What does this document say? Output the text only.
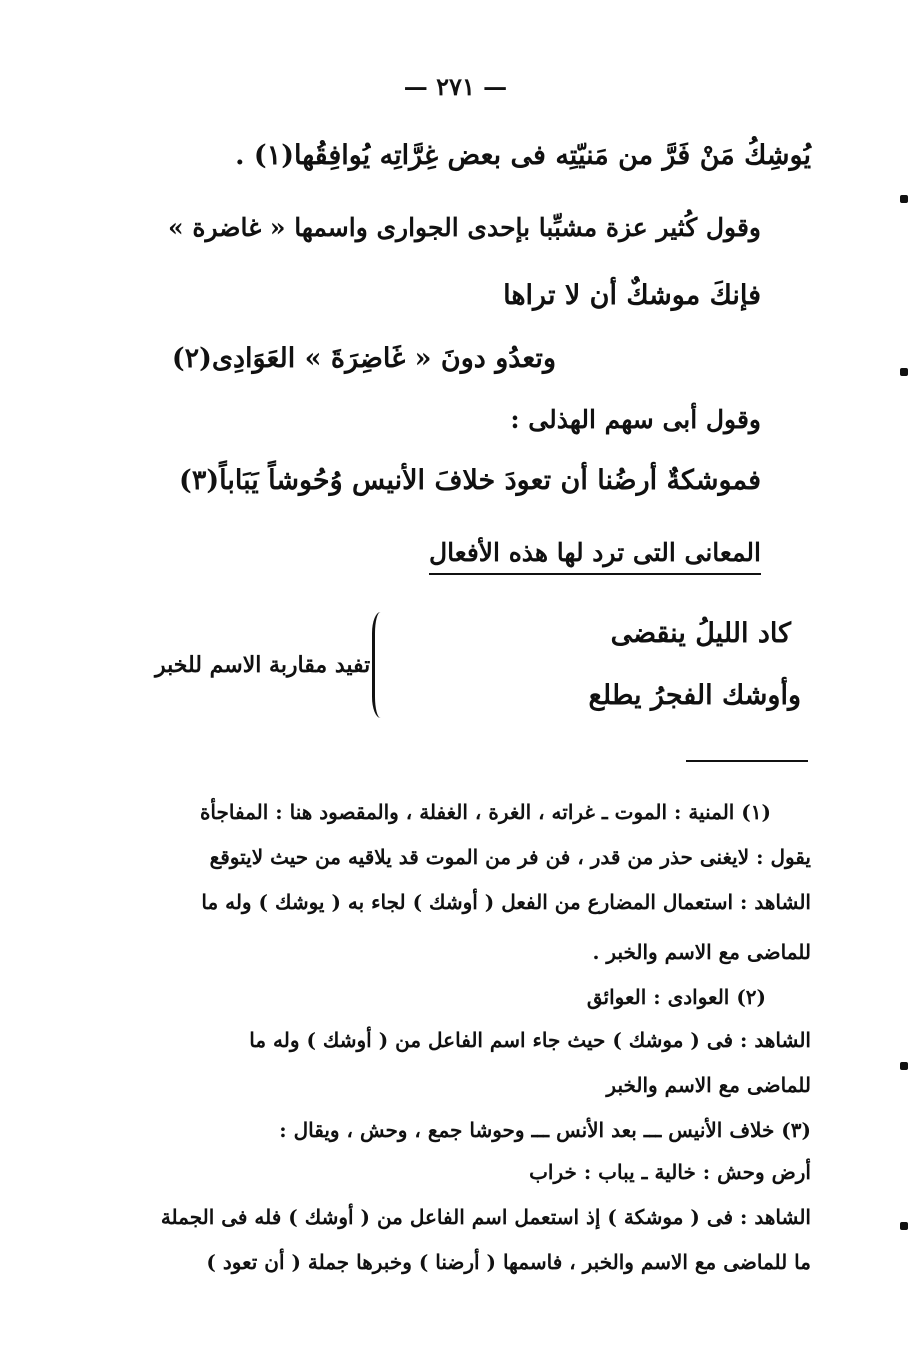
— ٢٧١ —
يُوشِكُ مَنْ فَرَّ من مَنيّتِه فى بعض غِرَّاتِه يُوافِقُها(١) .
وقول كُثير عزة مشبِّبا بإحدى الجوارى واسمها « غاضرة »
فإنكَ موشكٌ أن لا تراها
وتعدُو دونَ « غَاضِرَةَ » العَوَادِى(٢)
وقول أبى سهم الهذلى :
فموشكةٌ أرضُنا أن تعودَ خلافَ الأنيس وُحُوشاً يَبَاباً(٣)
المعانى التى ترد لها هذه الأفعال
كاد الليلُ ينقضى
وأوشك الفجرُ يطلع
تفيد مقاربة الاسم للخبر
(١) المنية : الموت ـ غراته ، الغرة ، الغفلة ، والمقصود هنا : المفاجأة
يقول : لايغنى حذر من قدر ، فن فر من الموت قد يلاقيه من حيث لايتوقع
الشاهد : استعمال المضارع من الفعل ( أوشك ) لجاء به ( يوشك ) وله ما
للماضى مع الاسم والخبر .
(٢) العوادى : العوائق
الشاهد : فى ( موشك ) حيث جاء اسم الفاعل من ( أوشك ) وله ما
للماضى مع الاسم والخبر
(٣) خلاف الأنيس ـــ بعد الأنس ـــ وحوشا جمع ، وحش ، ويقال :
أرض وحش : خالية ـ يباب : خراب
الشاهد : فى ( موشكة ) إذ استعمل اسم الفاعل من ( أوشك ) فله فى الجملة
ما للماضى مع الاسم والخبر ، فاسمها ( أرضنا ) وخبرها جملة ( أن تعود )
